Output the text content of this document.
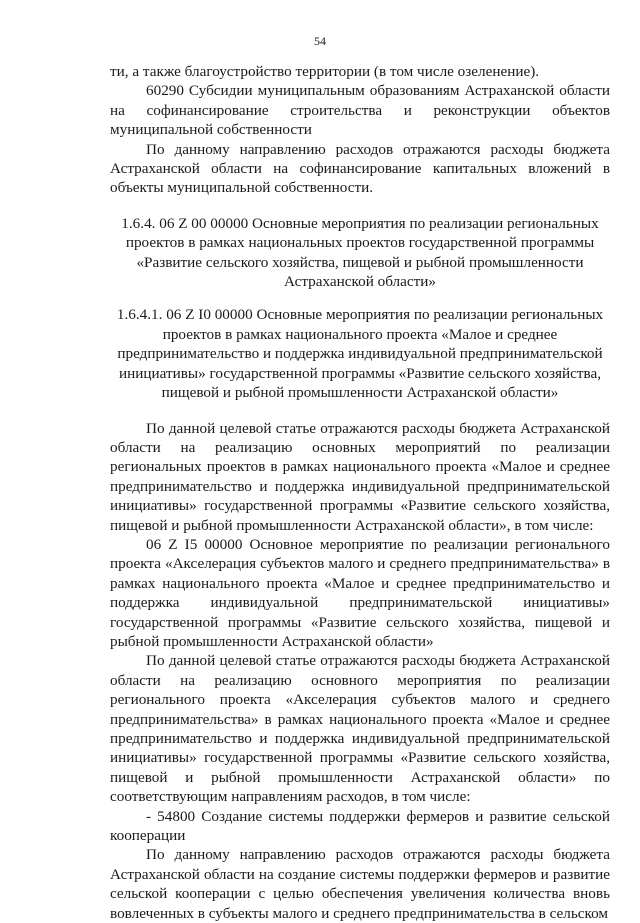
54

ти, а также благоустройство территории (в том числе озеленение).

60290 Субсидии муниципальным образованиям Астраханской области на софинансирование строительства и реконструкции объектов муниципальной собственности

По данному направлению расходов отражаются расходы бюджета Астраханской области на софинансирование капитальных вложений в объекты муниципальной собственности.

1.6.4. 06 Z 00 00000 Основные мероприятия по реализации региональных проектов в рамках национальных проектов государственной программы «Развитие сельского хозяйства, пищевой и рыбной промышленности Астраханской области»

1.6.4.1. 06 Z I0 00000 Основные мероприятия по реализации региональных проектов в рамках национального проекта «Малое и среднее предпринимательство и поддержка индивидуальной предпринимательской инициативы» государственной программы «Развитие сельского хозяйства, пищевой и рыбной промышленности Астраханской области»

По данной целевой статье отражаются расходы бюджета Астраханской области на реализацию основных мероприятий по реализации региональных проектов в рамках национального проекта «Малое и среднее предпринимательство и поддержка индивидуальной предпринимательской инициативы» государственной программы «Развитие сельского хозяйства, пищевой и рыбной промышленности Астраханской области», в том числе:

06 Z I5 00000 Основное мероприятие по реализации регионального проекта «Акселерация субъектов малого и среднего предпринимательства» в рамках национального проекта «Малое и среднее предпринимательство и поддержка индивидуальной предпринимательской инициативы» государственной программы «Развитие сельского хозяйства, пищевой и рыбной промышленности Астраханской области»

По данной целевой статье отражаются расходы бюджета Астраханской области на реализацию основного мероприятия по реализации регионального проекта «Акселерация субъектов малого и среднего предпринимательства» в рамках национального проекта «Малое и среднее предпринимательство и поддержка индивидуальной предпринимательской инициативы» государственной программы «Развитие сельского хозяйства, пищевой и рыбной промышленности Астраханской области» по соответствующим направлениям расходов, в том числе:

- 54800 Создание системы поддержки фермеров и развитие сельской кооперации

По данному направлению расходов отражаются расходы бюджета Астраханской области на создание системы поддержки фермеров и развитие сельской кооперации с целью обеспечения увеличения количества вновь вовлеченных в субъекты малого и среднего предпринимательства в сельском
